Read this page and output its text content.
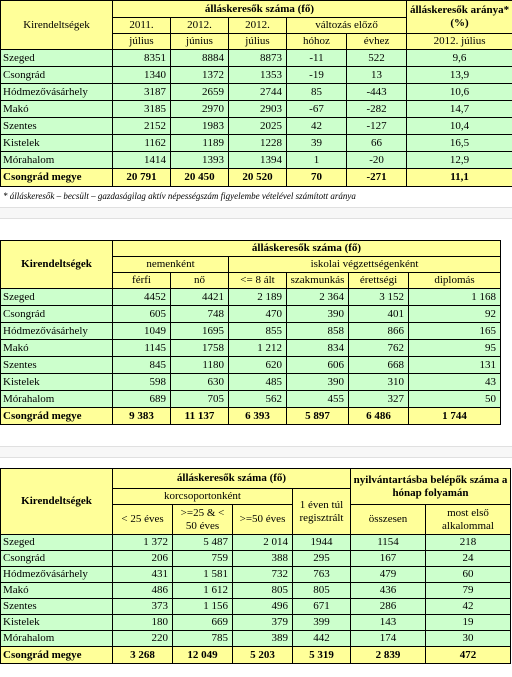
Kirendeltségek	álláskeresők száma (fő)					álláskeresők aránya* (%)
	2011.	2012.	2012.	változás előző		
	július	június	július	hóhoz	évhez	2012. július
Szeged	8351	8884	8873	-11	522	9,6
Csongrád	1340	1372	1353	-19	13	13,9
Hódmezővásárhely	3187	2659	2744	85	-443	10,6
Makó	3185	2970	2903	-67	-282	14,7
Szentes	2152	1983	2025	42	-127	10,4
Kistelek	1162	1189	1228	39	66	16,5
Mórahalom	1414	1393	1394	1	-20	12,9
Csongrád megye	20 791	20 450	20 520	70	-271	11,1
* álláskeresők – becsült – gazdaságilag aktív népességszám figyelembe vételével számított aránya
Kirendeltségek	álláskeresők száma (fő)					
	nemenként		iskolai végzettségenként			
	férfi	nő	<= 8 ált	szakmunkás	érettségi	diplomás
Szeged	4452	4421	2 189	2 364	3 152	1 168
Csongrád	605	748	470	390	401	92
Hódmezővásárhely	1049	1695	855	858	866	165
Makó	1145	1758	1 212	834	762	95
Szentes	845	1180	620	606	668	131
Kistelek	598	630	485	390	310	43
Mórahalom	689	705	562	455	327	50
Csongrád megye	9 383	11 137	6 393	5 897	6 486	1 744
Kirendeltségek	álláskeresők száma (fő)				nyilvántartásba belépők száma a hónap folyamán	
	korcsoportonként			1 éven túl regisztrált		
	< 25 éves	>=25 & < 50 éves	>=50 éves		összesen	most első alkalommal
Szeged	1 372	5 487	2 014	1944	1154	218
Csongrád	206	759	388	295	167	24
Hódmezővásárhely	431	1 581	732	763	479	60
Makó	486	1 612	805	805	436	79
Szentes	373	1 156	496	671	286	42
Kistelek	180	669	379	399	143	19
Mórahalom	220	785	389	442	174	30
Csongrád megye	3 268	12 049	5 203	5 319	2 839	472
